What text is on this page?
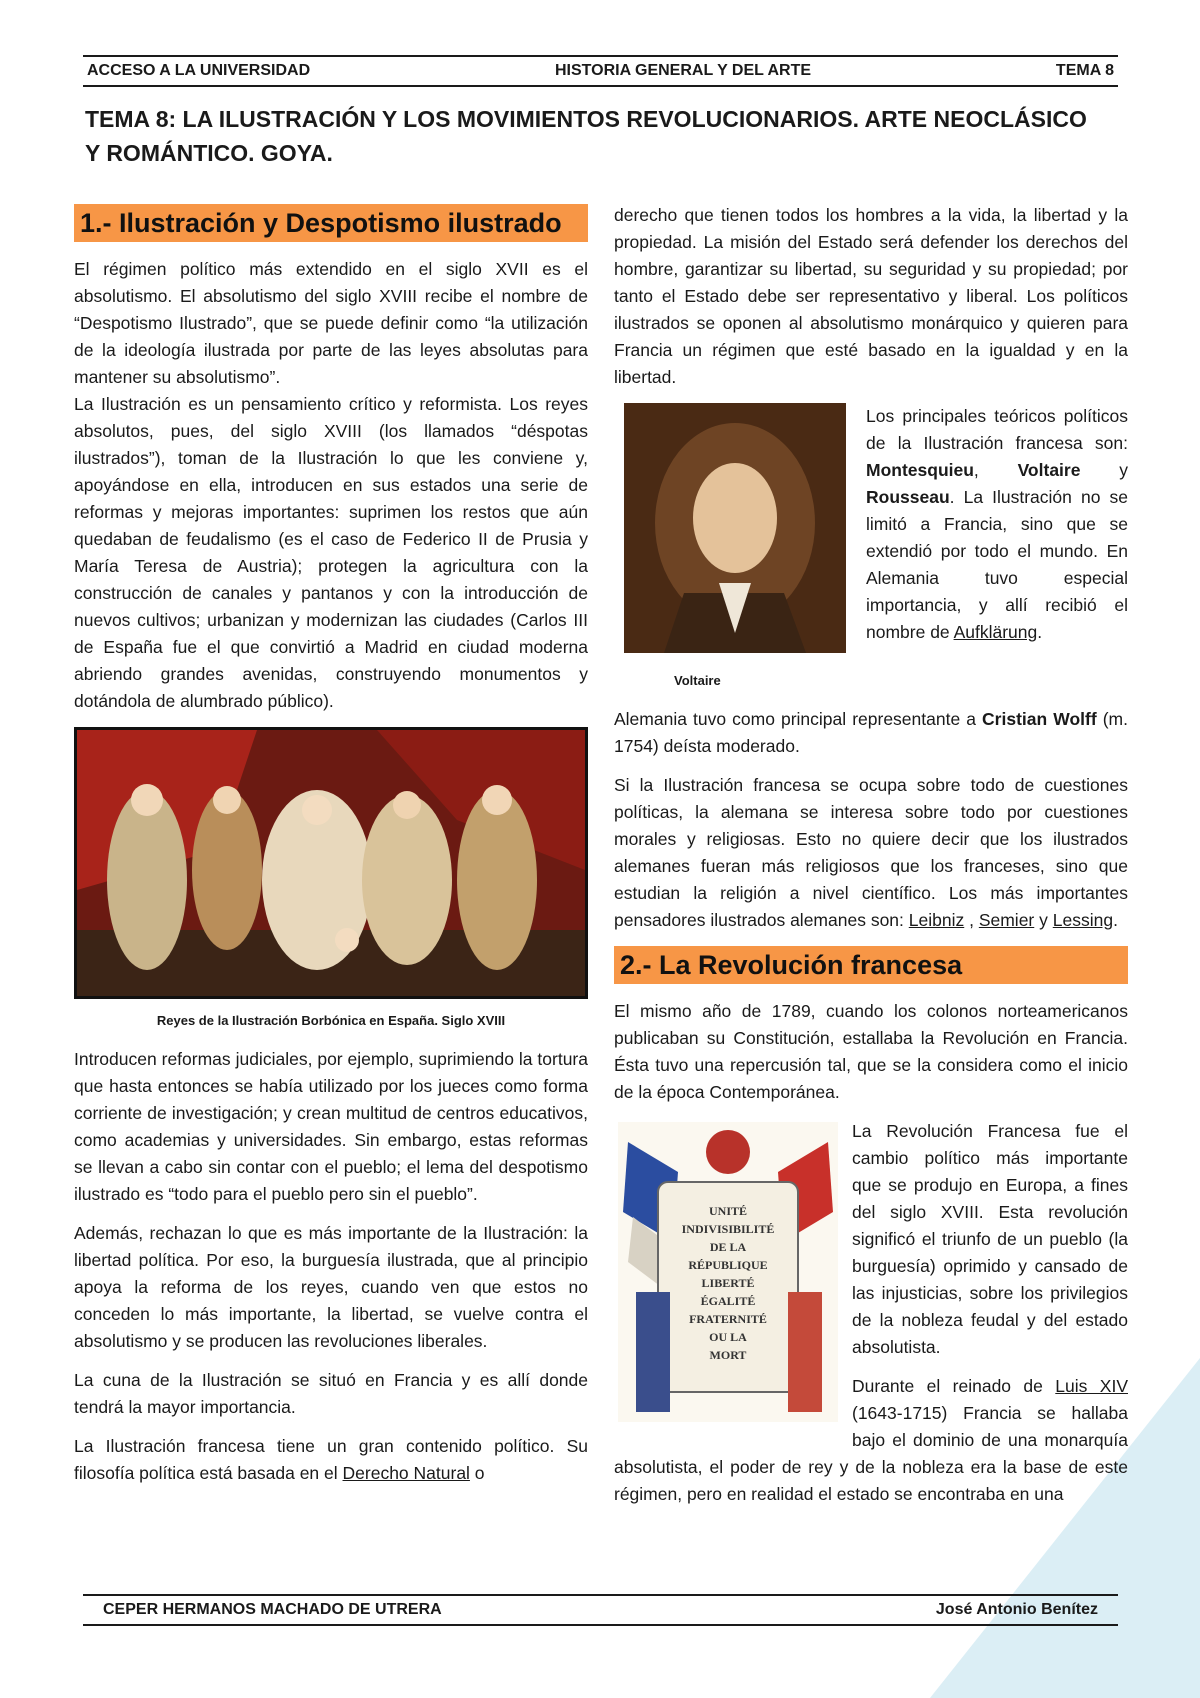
ACCESO A LA UNIVERSIDAD	HISTORIA GENERAL Y DEL ARTE	TEMA 8
TEMA 8: LA ILUSTRACIÓN Y LOS MOVIMIENTOS REVOLUCIONARIOS. ARTE NEOCLÁSICO
Y ROMÁNTICO. GOYA.
1.- Ilustración y Despotismo ilustrado

El régimen político más extendido en el siglo XVII es el absolutismo. El absolutismo del siglo XVIII recibe el nombre de “Despotismo Ilustrado”, que se puede definir como “la utilización de la ideología ilustrada por parte de las leyes absolutas para mantener su absolutismo”.

La Ilustración es un pensamiento crítico y reformista. Los reyes absolutos, pues, del siglo XVIII (los llamados “déspotas ilustrados”), toman de la Ilustración lo que les conviene y, apoyándose en ella, introducen en sus estados una serie de reformas y mejoras importantes: suprimen los restos que aún quedaban de feudalismo (es el caso de Federico II de Prusia y María Teresa de Austria); protegen la agricultura con la construcción de canales y pantanos y con la introducción de nuevos cultivos; urbanizan y modernizan las ciudades (Carlos III de España fue el que convirtió a Madrid en ciudad moderna abriendo grandes avenidas, construyendo monumentos y dotándola de alumbrado público).

Reyes de la Ilustración Borbónica en España. Siglo XVIII

Introducen reformas judiciales, por ejemplo, suprimiendo la tortura que hasta entonces se había utilizado por los jueces como forma corriente de investigación; y crean multitud de centros educativos, como academias y universidades. Sin embargo, estas reformas se llevan a cabo sin contar con el pueblo; el lema del despotismo ilustrado es “todo para el pueblo pero sin el pueblo”.

Además, rechazan lo que es más importante de la Ilustración: la libertad política. Por eso, la burguesía ilustrada, que al principio apoya la reforma de los reyes, cuando ven que estos no conceden lo más importante, la libertad, se vuelve contra el absolutismo y se producen las revoluciones liberales.

La cuna de la Ilustración se situó en Francia y es allí donde tendrá la mayor importancia.

La Ilustración francesa tiene un gran contenido político. Su filosofía política está basada en el Derecho Natural o

derecho que tienen todos los hombres a la vida, la libertad y la propiedad. La misión del Estado será defender los derechos del hombre, garantizar su libertad, su seguridad y su propiedad; por tanto el Estado debe ser representativo y liberal. Los políticos ilustrados se oponen al absolutismo monárquico y quieren para Francia un régimen que esté basado en la igualdad y en la libertad.

Los principales teóricos políticos de la Ilustración francesa son: Montesquieu, Voltaire y Rousseau. La Ilustración no se limitó a Francia, sino que se extendió por todo el mundo. En Alemania tuvo especial importancia, y allí recibió el nombre de Aufklärung.

Voltaire

Alemania tuvo como principal representante a Cristian Wolff (m. 1754) deísta moderado.

Si la Ilustración francesa se ocupa sobre todo de cuestiones políticas, la alemana se interesa sobre todo por cuestiones morales y religiosas. Esto no quiere decir que los ilustrados alemanes fueran más religiosos que los franceses, sino que estudian la religión a nivel científico. Los más importantes pensadores ilustrados alemanes son: Leibniz , Semier y Lessing.

2.- La Revolución francesa

El mismo año de 1789, cuando los colonos norteamericanos publicaban su Constitución, estallaba la Revolución en Francia. Ésta tuvo una repercusión tal, que se la considera como el inicio de la época Contemporánea.

UNITÉ
INDIVISIBILITÉ
DE LA
RÉPUBLIQUE
LIBERTÉ
ÉGALITÉ
FRATERNITÉ
OU LA
MORT

La Revolución Francesa fue el cambio político más importante que se produjo en Europa, a fines del siglo XVIII. Esta revolución significó el triunfo de un pueblo (la burguesía) oprimido y cansado de las injusticias, sobre los privilegios de la nobleza feudal y del estado absolutista.

Durante el reinado de Luis XIV (1643-1715) Francia se hallaba bajo el dominio de una monarquía absolutista, el poder de rey y de la nobleza era la base de este régimen, pero en realidad el estado se encontraba en una

CEPER HERMANOS MACHADO DE UTRERA	José Antonio Benítez
